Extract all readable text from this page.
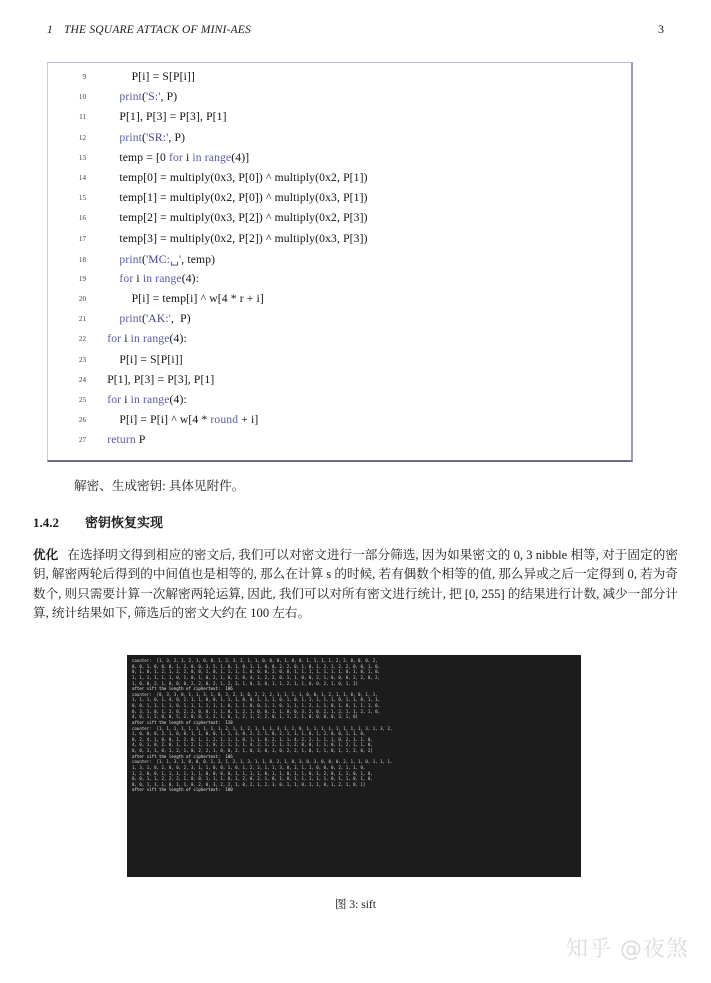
1 THE SQUARE ATTACK OF MINI-AES	3
9 P[i] = S[P[i]]
10	print('S:', P)
11 P[1], P[3] = P[3], P[1]
12	print('SR:', P)
13 temp = [0 for i in range(4)]
14 temp[0] = multiply(0x3, P[0]) ^ multiply(0x2, P[1])
15 temp[1] = multiply(0x2, P[0]) ^ multiply(0x3, P[1])
16 temp[2] = multiply(0x3, P[2]) ^ multiply(0x2, P[3])
17 temp[3] = multiply(0x2, P[2]) ^ multiply(0x3, P[3])
18	print('MC:␣', temp)
19	for i in range(4):
20 P[i] = temp[i] ^ w[4 * r + i]
21	print('AK:',  P)
22	for i in range(4):
23 P[i] = S[P[i]]
24 P[1], P[3] = P[3], P[1]
25	for i in range(4):
26 P[i] = P[i] ^ w[4 * round + i]
27	return P
解密、生成密钥: 具体见附件。
1.4.2 密钥恢复实现
优化 在选择明文得到相应的密文后, 我们可以对密文进行一部分筛选, 因为如果密文的 0, 3 nibble 相等, 对于固定的密钥, 解密两轮后得到的中间值也是相等的, 那么在计算 s 的时候, 若有偶数个相等的值, 那么异或之后一定得到 0, 若为奇数个, 则只需要计算一次解密两轮运算, 因此, 我们可以对所有密文进行统计, 把 [0, 255] 的结果进行计数, 减少一部分计算, 统计结果如下, 筛选后的密文大约在 100 左右。
counter:  [1, 3, 2, 1, 2, 1, 0, 0, 1, 2, 3, 2, 1, 1, 0, 0, 0, 1, 0, 0, 1, 1, 1, 1, 2, 2, 0, 0, 0, 2,
0, 0, 1, 0, 0, 0, 1, 2, 0, 0, 3, 5, 1, 0, 1, 0, 1, 1, 0, 0, 2, 2, 0, 1, 0, 1, 2, 1, 2, 2, 0, 0, 1, 0,
0, 1, 0, 1, 2, 1, 2, 2, 0, 0, 1, 0, 1, 1, 1, 1, 0, 0, 0, 2, 0, 0, 1, 1, 1, 1, 1, 1, 1, 0, 1, 0, 1, 0,
1, 1, 1, 1, 1, 1, 0, 1, 0, 1, 0, 2, 1, 0, 2, 0, 4, 1, 2, 2, 0, 1, 1, 0, 0, 2, 1, 0, 0, 0, 2, 2, 0, 2,
1, 0, 0, 2, 1, 0, 0, 0, 2, 2, 0, 2, 1, 2, 3, 1, 0, 3, 0, 1, 1, 2, 1, 1, 0, 0, 2, 1, 0, 1, 1]
after sift the length of ciphertext:  106
counter:  [0, 3, 3, 0, 1, 1, 3, 1, 0, 3, 2, 3, 0, 2, 2, 2, 1, 1, 1, 1, 0, 0, 1, 2, 1, 1, 0, 0, 1, 1,
1, 1, 1, 0, 1, 4, 0, 2, 1, 1, 0, 0, 1, 1, 1, 0, 0, 1, 1, 1, 0, 1, 0, 1, 1, 1, 1, 1, 0, 1, 1, 0, 1, 1,
0, 0, 1, 1, 1, 1, 0, 1, 1, 1, 1, 1, 1, 0, 1, 1, 0, 0, 1, 1, 0, 1, 1, 1, 2, 1, 1, 0, 1, 0, 1, 1, 1, 0,
0, 3, 1, 0, 1, 2, 0, 2, 2, 0, 0, 1, 1, 0, 1, 2, 1, 0, 0, 1, 1, 0, 0, 3, 2, 0, 2, 1, 2, 1, 1, 2, 1, 0,
4, 0, 1, 2, 0, 0, 5, 2, 0, 0, 1, 2, 1, 0, 1, 2, 1, 2, 2, 0, 1, 1, 2, 1, 0, 0, 0, 0, 3, 1, 0]
after sift the length of ciphertext:  118
counter:  [1, 1, 1, 1, 1, 1, 1, 1, 1, 2, 1, 1, 2, 1, 1, 1, 3, 1, 1, 0, 1, 1, 1, 1, 1, 1, 1, 1, 3, 1, 3, 2,
1, 0, 0, 0, 2, 1, 0, 0, 1, 1, 0, 0, 1, 1, 3, 0, 2, 2, 1, 0, 2, 1, 1, 1, 0, 1, 2, 0, 0, 1, 1, 0,
0, 2, 4, 1, 0, 0, 1, 2, 0, 1, 1, 2, 1, 1, 1, 0, 1, 1, 0, 2, 1, 1, 4, 2, 2, 1, 1, 1, 0, 2, 1, 1, 0,
4, 0, 1, 0, 2, 0, 1, 1, 2, 1, 1, 0, 2, 1, 1, 1, 4, 2, 1, 2, 1, 1, 2, 0, 0, 1, 1, 0, 1, 2, 1, 1, 0,
0, 0, 3, 1, 0, 1, 2, 1, 0, 2, 2, 1, 0, 0, 2, 1, 0, 3, 0, 1, 0, 2, 2, 1, 0, 1, 1, 0, 1, 1, 2, 0, 2]
after sift the length of ciphertext:  106
counter:  [1, 1, 3, 1, 0, 0, 0, 1, 2, 1, 2, 1, 3, 1, 1, 0, 2, 1, 0, 3, 0, 3, 0, 0, 0, 2, 1, 1, 0, 1, 1, 1,
1, 3, 1, 0, 2, 0, 0, 2, 3, 1, 1, 0, 0, 1, 0, 1, 2, 2, 1, 1, 3, 0, 2, 1, 1, 0, 0, 0, 2, 1, 1, 0,
1, 2, 0, 0, 1, 1, 1, 1, 1, 1, 0, 0, 0, 0, 1, 1, 1, 1, 0, 1, 1, 0, 1, 1, 0, 1, 2, 0, 1, 1, 0, 1, 0,
0, 0, 1, 1, 2, 2, 2, 1, 0, 0, 1, 1, 1, 0, 1, 2, 0, 2, 1, 0, 1, 0, 1, 1, 1, 1, 1, 0, 1, 1, 0, 1, 0,
0, 0, 1, 1, 1, 0, 1, 1, 0, 2, 0, 3, 2, 2, 1, 0, 2, 1, 2, 3, 0, 1, 1, 0, 1, 1, 0, 1, 2, 1, 0, 1]
after sift the length of ciphertext:  100
图 3: sift
知乎 @夜煞
